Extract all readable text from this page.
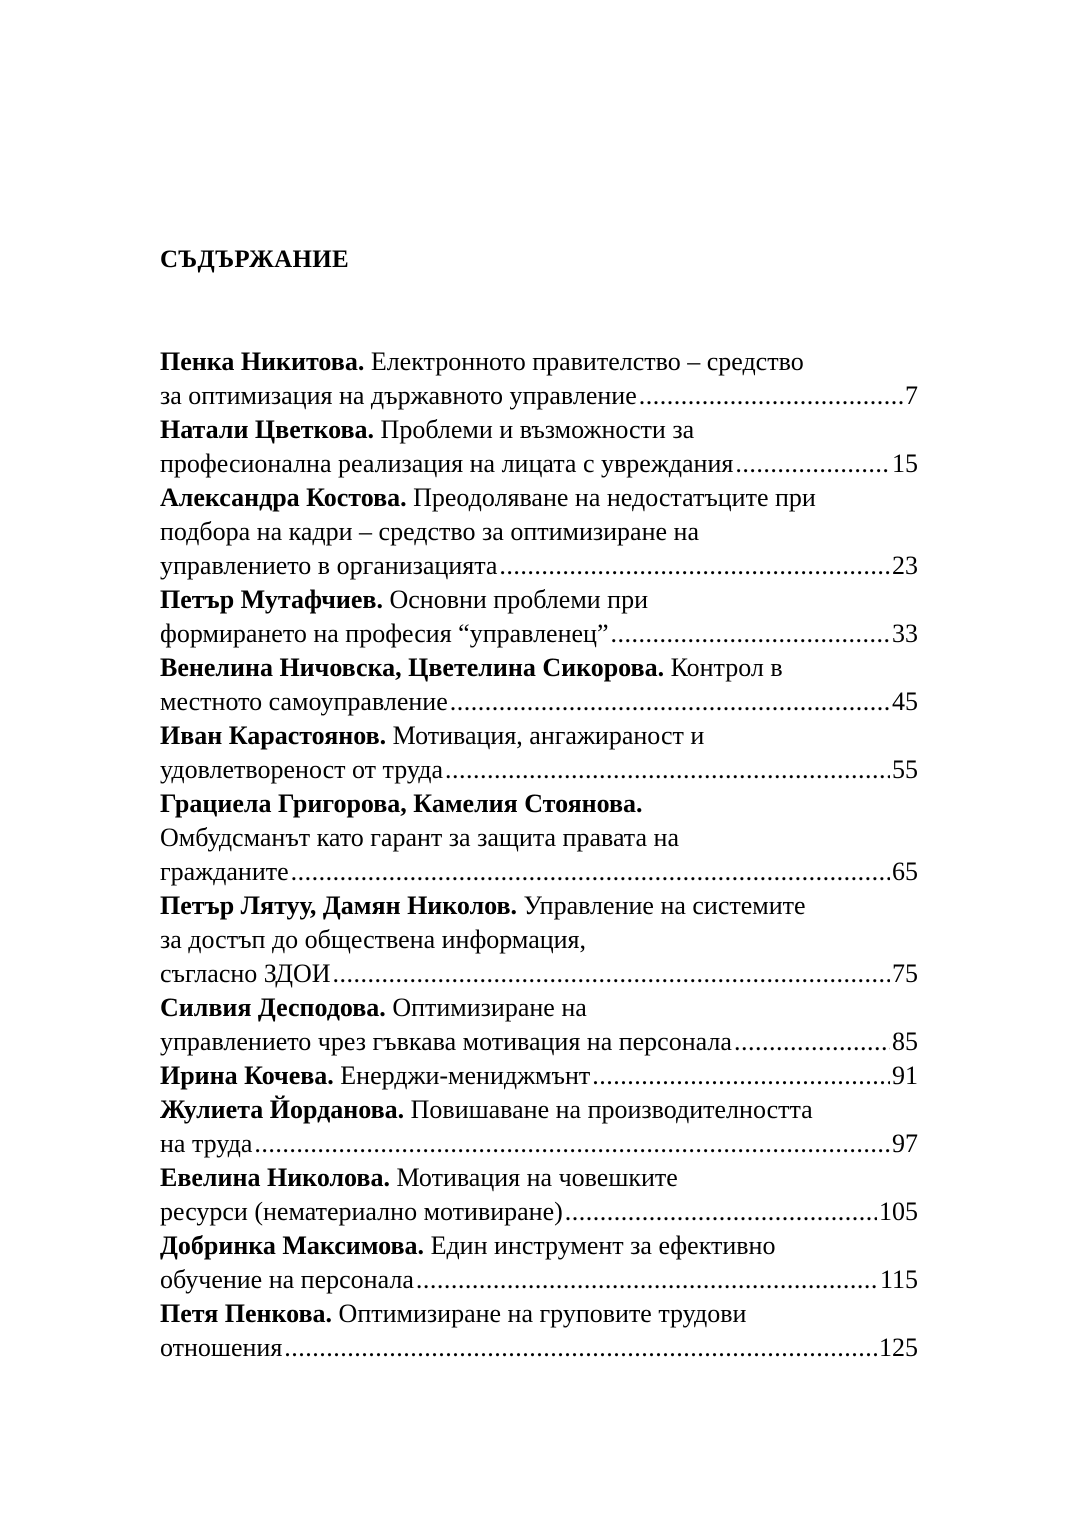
СЪДЪРЖАНИЕ
Пенка Никитова. Електронното правителство – средство
за оптимизация на държавното управление . . .	7
Натали Цветкова. Проблеми и възможности за
професионална реализация на лицата с увреждания . . .	15
Александра Костова. Преодоляване на недостатъците при
подбора на кадри – средство за оптимизиране на
управлението в организацията . . .	23
Петър Мутафчиев. Основни проблеми при
формирането на професия “управленец” . . .	33
Венелина Ничовска, Цветелина Сикорова. Контрол в
местното самоуправление . . .	45
Иван Карастоянов. Мотивация, ангажираност и
удовлетвореност от труда . . .	55
Грациела Григорова, Камелия Стоянова.
Омбудсманът като гарант за защита правата на
гражданите . . .	65
Петър Лятуу, Дамян Николов. Управление на системите
за достъп до обществена информация,
съгласно ЗДОИ . . .	75
Силвия Десподова. Оптимизиране на
управлението чрез гъвкава мотивация на персонала . . .	85
Ирина Кочева. Енерджи-мениджмънт . . .	91
Жулиета Йорданова. Повишаване на производителността
на труда . . .	97
Евелина Николова. Мотивация на човешките
ресурси (нематериално мотивиране) . . .	105
Добринка Максимова. Един инструмент за ефективно
обучение на персонала . . .	115
Петя Пенкова. Оптимизиране на груповите трудови
отношения . . .	125
